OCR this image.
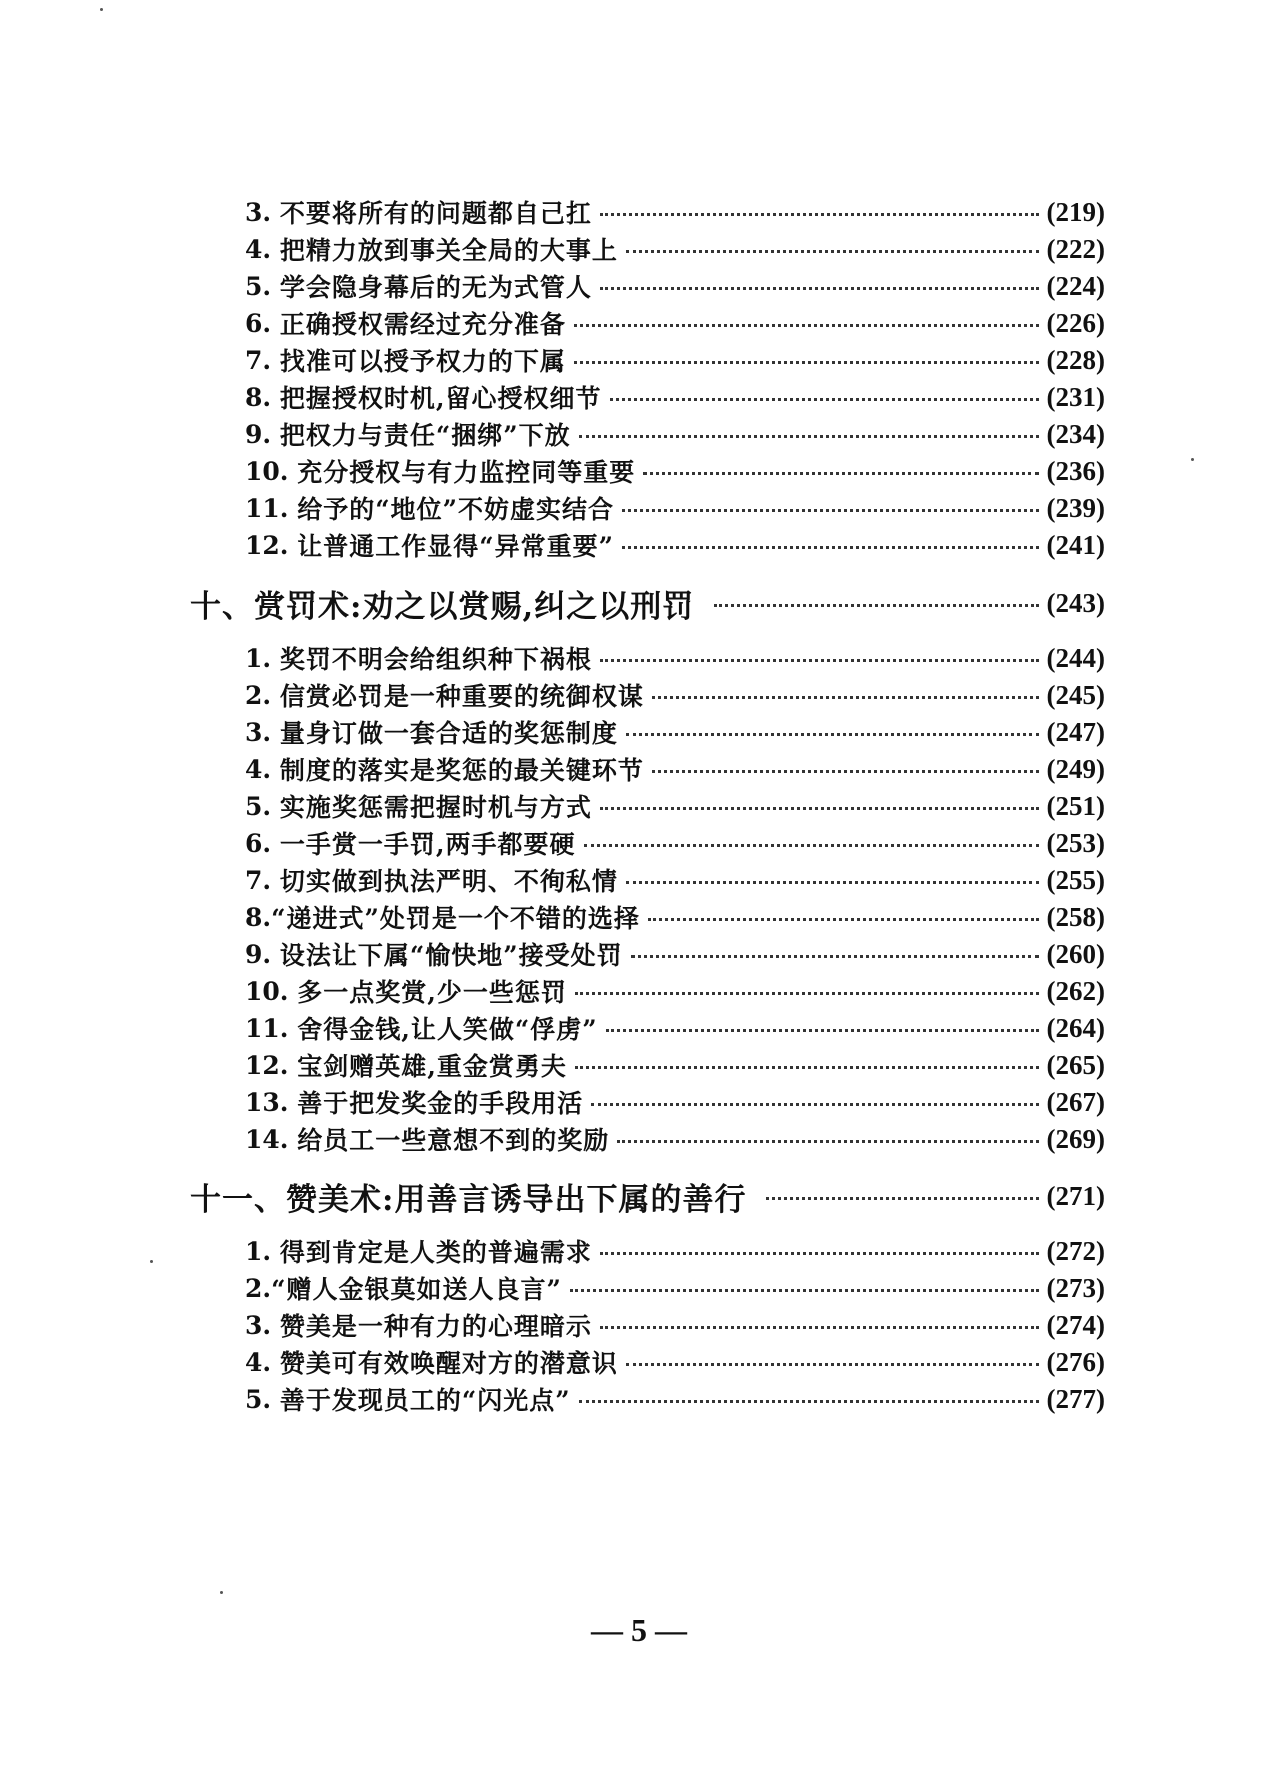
3. 不要将所有的问题都自己扛	(219)
4. 把精力放到事关全局的大事上	(222)
5. 学会隐身幕后的无为式管人	(224)
6. 正确授权需经过充分准备	(226)
7. 找准可以授予权力的下属	(228)
8. 把握授权时机,留心授权细节	(231)
9. 把权力与责任“捆绑”下放	(234)
10. 充分授权与有力监控同等重要	(236)
11. 给予的“地位”不妨虚实结合	(239)
12. 让普通工作显得“异常重要”	(241)
十、赏罚术:劝之以赏赐,纠之以刑罚	(243)
1. 奖罚不明会给组织种下祸根	(244)
2. 信赏必罚是一种重要的统御权谋	(245)
3. 量身订做一套合适的奖惩制度	(247)
4. 制度的落实是奖惩的最关键环节	(249)
5. 实施奖惩需把握时机与方式	(251)
6. 一手赏一手罚,两手都要硬	(253)
7. 切实做到执法严明、不徇私情	(255)
8. “递进式”处罚是一个不错的选择	(258)
9. 设法让下属“愉快地”接受处罚	(260)
10. 多一点奖赏,少一些惩罚	(262)
11. 舍得金钱,让人笑做“俘虏”	(264)
12. 宝剑赠英雄,重金赏勇夫	(265)
13. 善于把发奖金的手段用活	(267)
14. 给员工一些意想不到的奖励	(269)
十一、赞美术:用善言诱导出下属的善行	(271)
1. 得到肯定是人类的普遍需求	(272)
2. “赠人金银莫如送人良言”	(273)
3. 赞美是一种有力的心理暗示	(274)
4. 赞美可有效唤醒对方的潜意识	(276)
5. 善于发现员工的“闪光点”	(277)
— 5 —
